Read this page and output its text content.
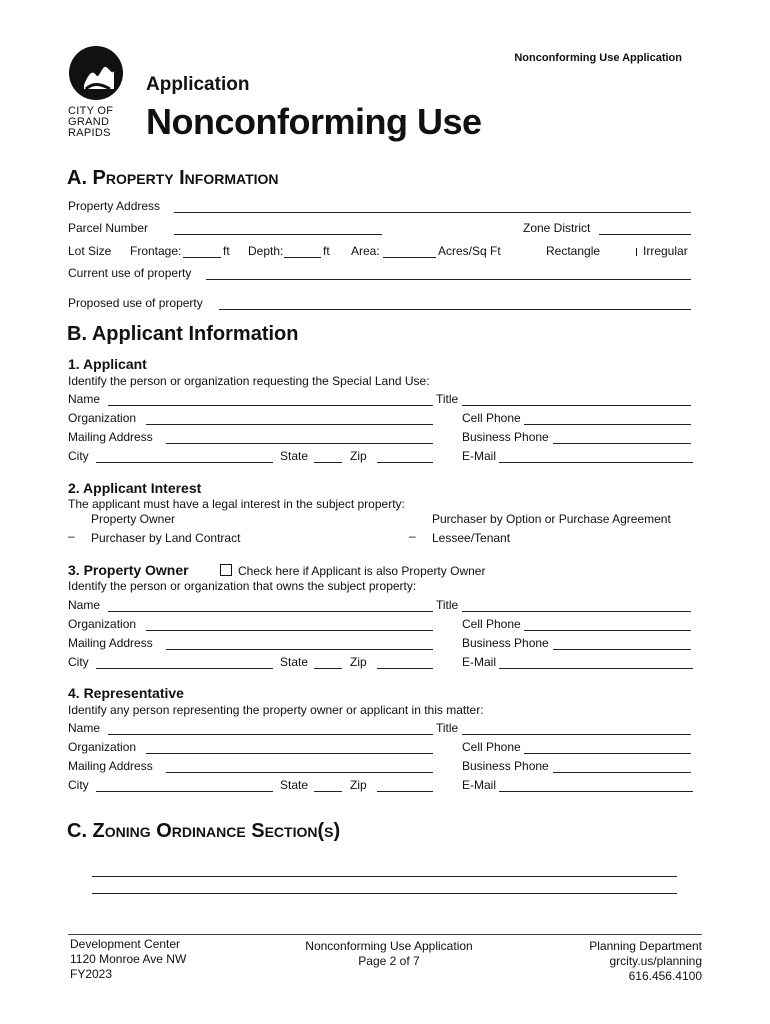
Nonconforming Use Application
CITY OF
GRAND
RAPIDS
Application
Nonconforming Use
A. Property Information
Property Address
Parcel Number	Zone District
Lot Size Frontage:	ft Depth:	ft Area:	Acres/Sq Ft	Rectangle	Irregular
Current use of property
Proposed use of property
B. Applicant Information
1. Applicant
Identify the person or organization requesting the Special Land Use:
Name	Title
Organization	Cell Phone
Mailing Address	Business Phone
City	State	Zip	E-Mail
2. Applicant Interest
The applicant must have a legal interest in the subject property:
Property Owner
– Purchaser by Land Contract
Purchaser by Option or Purchase Agreement
– Lessee/Tenant
3. Property Owner	Check here if Applicant is also Property Owner
Identify the person or organization that owns the subject property:
Name	Title
Organization	Cell Phone
Mailing Address	Business Phone
City	State	Zip	E-Mail
4. Representative
Identify any person representing the property owner or applicant in this matter:
Name	Title
Organization	Cell Phone
Mailing Address	Business Phone
City	State	Zip	E-Mail
C. Zoning Ordinance Section(s)
Development Center
1120 Monroe Ave NW
FY2023
Nonconforming Use Application
Page 2 of 7
Planning Department
grcity.us/planning
616.456.4100
